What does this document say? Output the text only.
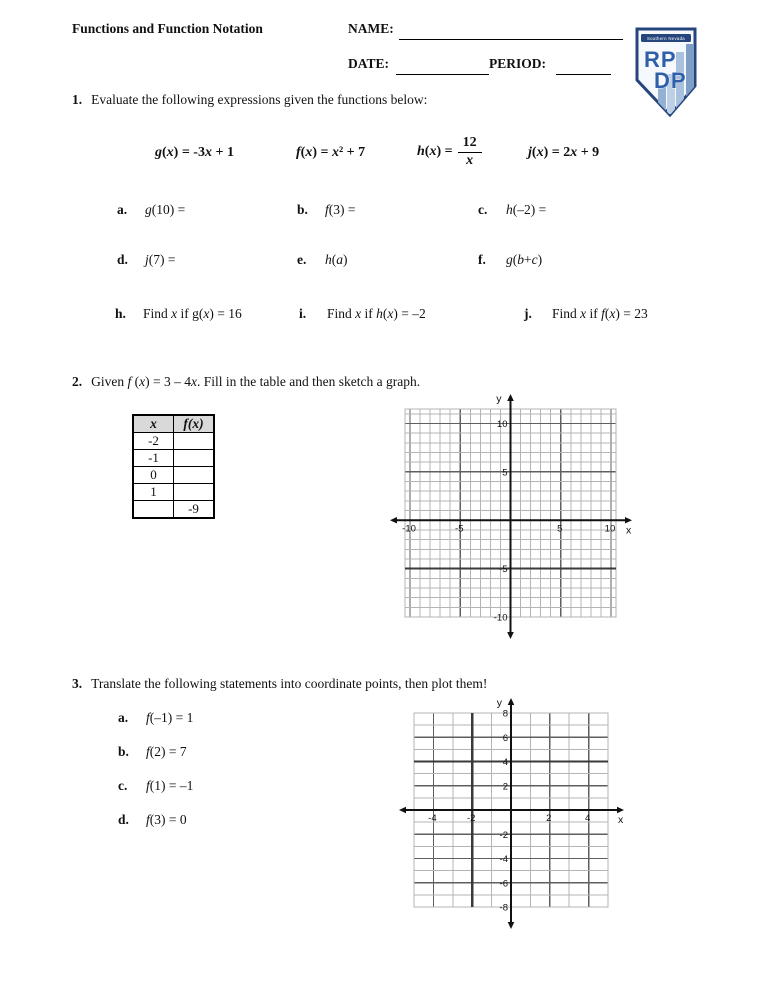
Functions and Function Notation	NAME:
DATE:	PERIOD:
Southern Nevada
RP
DP
1. Evaluate the following expressions given the functions below:
g(x) = -3x + 1	f(x) = x² + 7	$h(x) = \frac{12}{x}$	j(x) = 2x + 9
a.	g(10) =	b.	f(3) =	c.	h(–2) =
d.	j(7) =	e.	h(a)	f.	g(b+c)
h.	Find x if g(x) = 16	i.	Find x if h(x) = –2	j.	Find x if f(x) = 23
2. Given f (x) = 3 – 4x. Fill in the table and then sketch a graph.
x	f(x)
-2	
-1	
0	
1	
	-9
-10	-5	5	10
10
5
-5
-10
x
y
3. Translate the following statements into coordinate points, then plot them!
a.	f(–1) = 1
b.	f(2) = 7
c.	f(1) = –1
d.	f(3) = 0	-4	-2	2	4
8
6
4
2
-2
-4
-6
-8
x
y
